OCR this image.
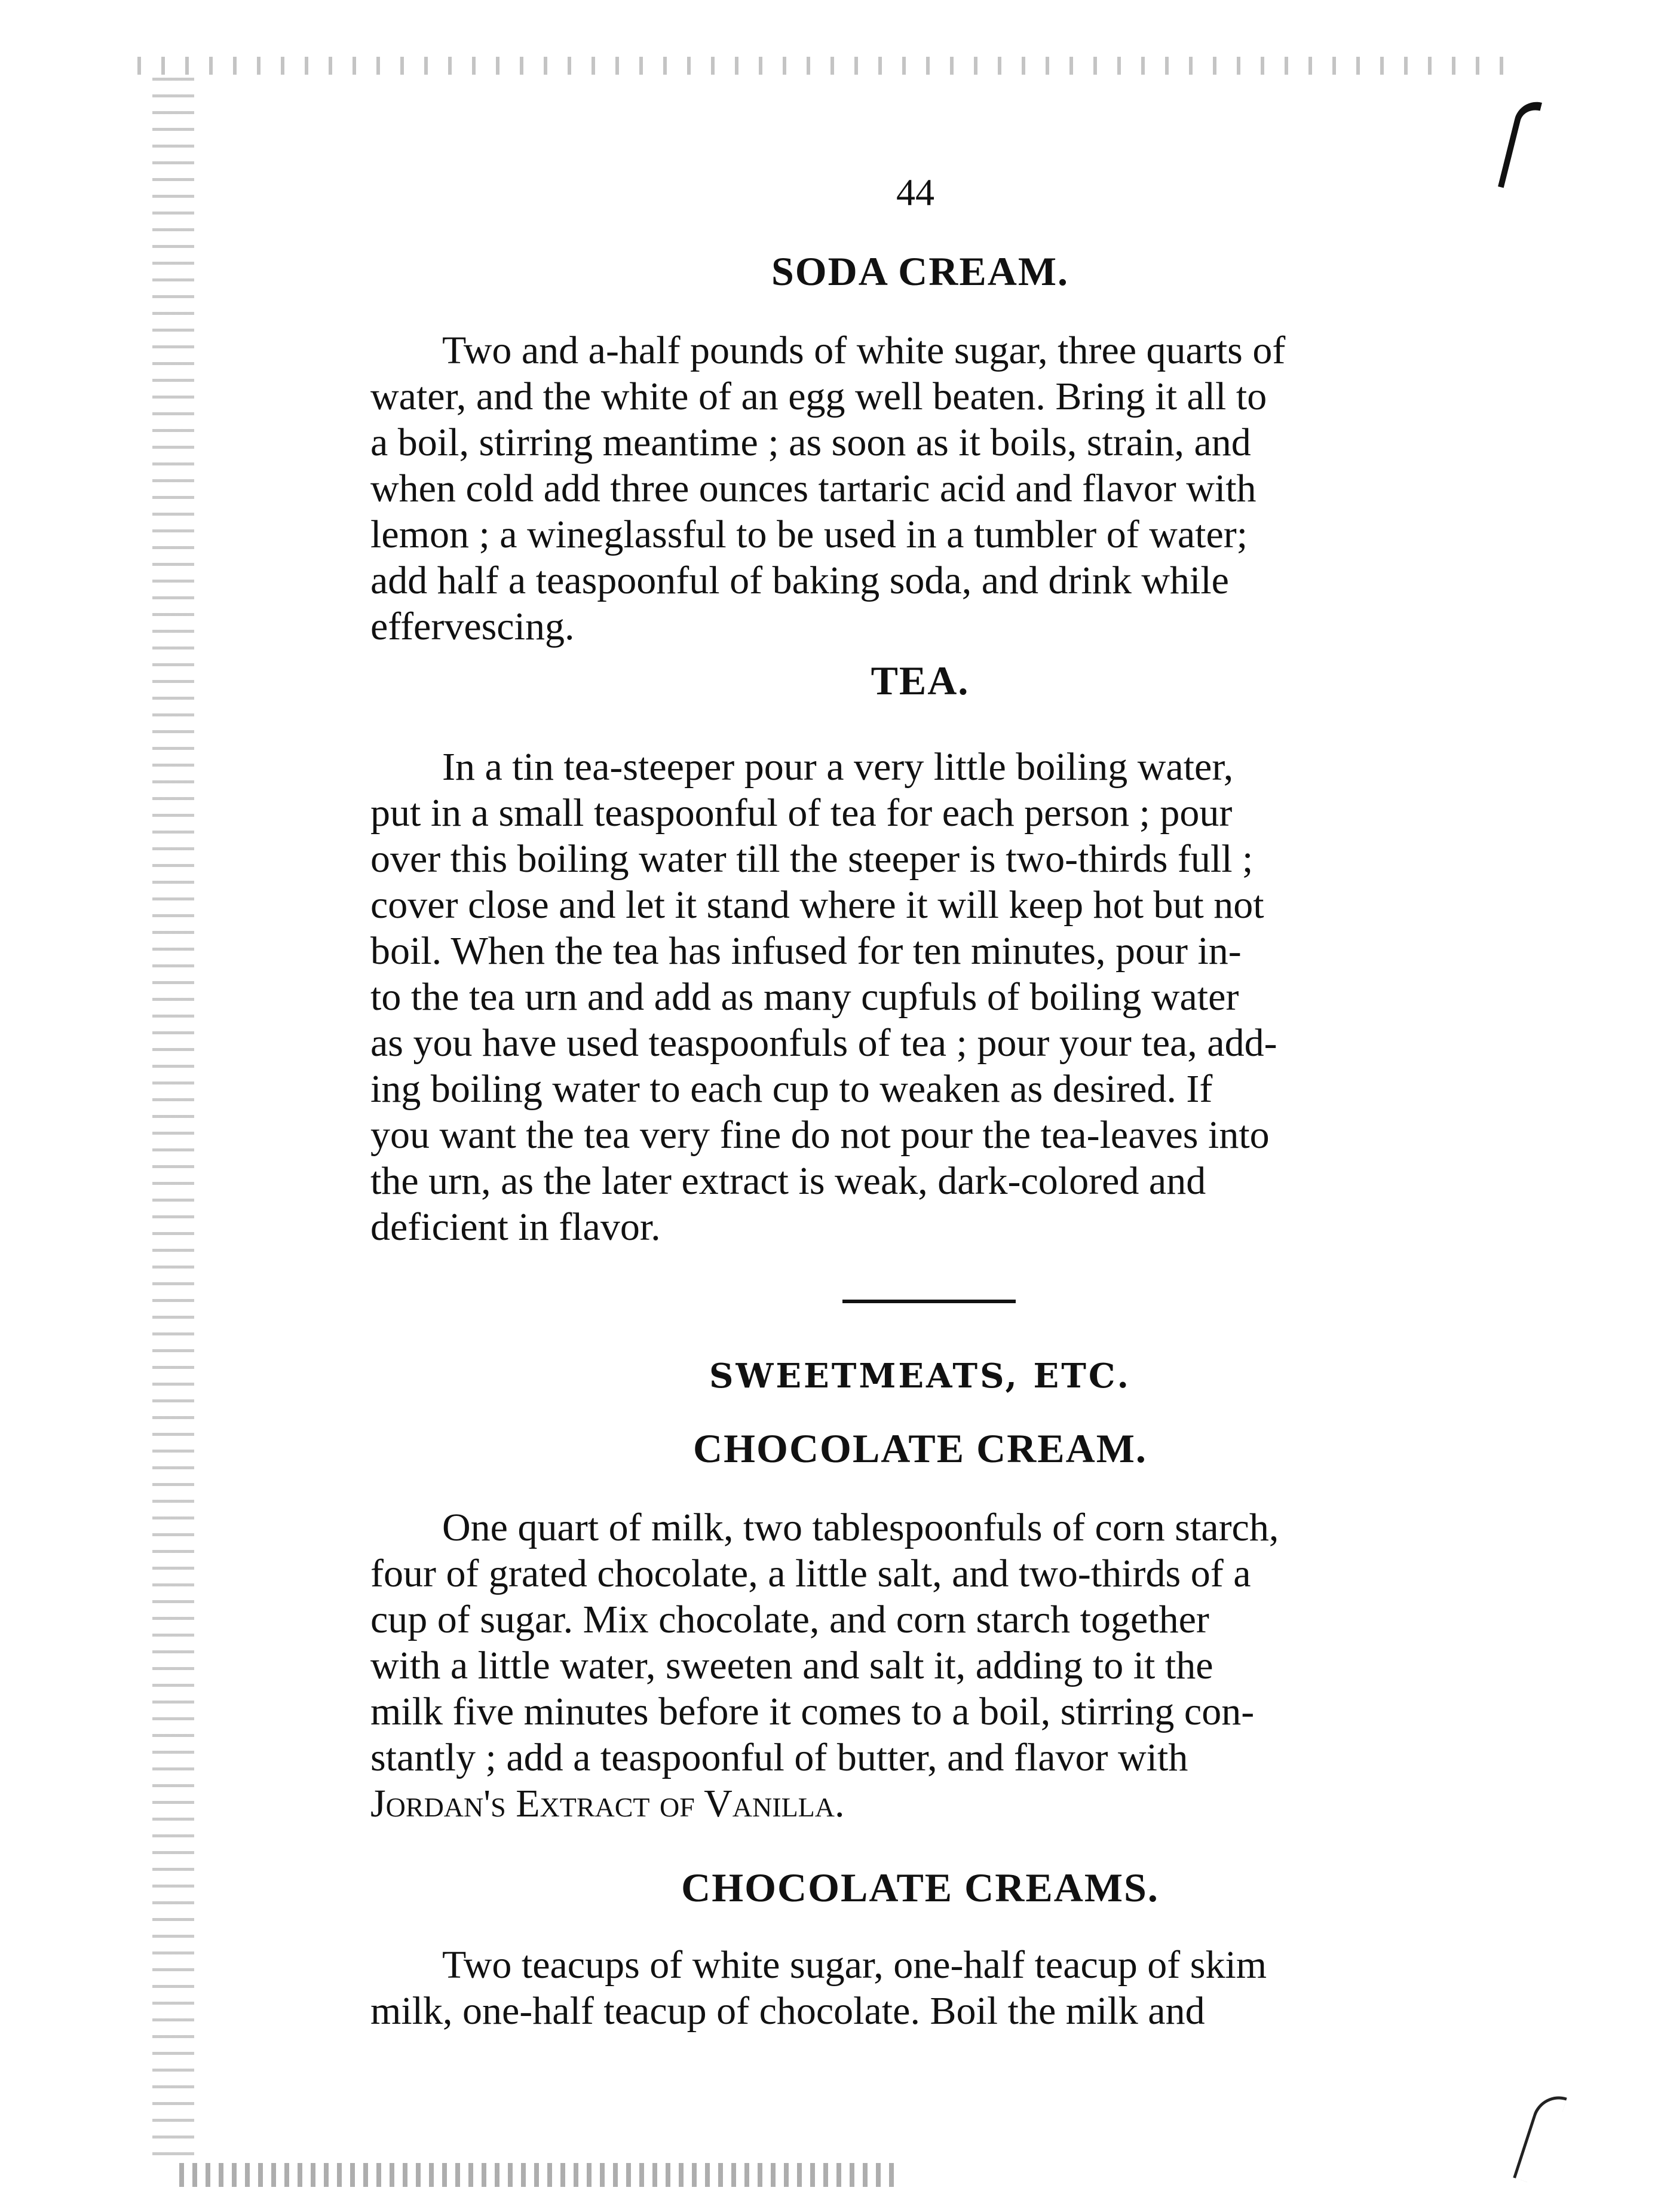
44
SODA CREAM.
Two and a-half pounds of white sugar, three quarts of
water, and the white of an egg well beaten. Bring it all to
a boil, stirring meantime ; as soon as it boils, strain, and
when cold add three ounces tartaric acid and flavor with
lemon ; a wineglassful to be used in a tumbler of water;
add half a teaspoonful of baking soda, and drink while
effervescing.
TEA.
In a tin tea-steeper pour a very little boiling water,
put in a small teaspoonful of tea for each person ; pour
over this boiling water till the steeper is two-thirds full ;
cover close and let it stand where it will keep hot but not
boil. When the tea has infused for ten minutes, pour in-
to the tea urn and add as many cupfuls of boiling water
as you have used teaspoonfuls of tea ; pour your tea, add-
ing boiling water to each cup to weaken as desired. If
you want the tea very fine do not pour the tea-leaves into
the urn, as the later extract is weak, dark-colored and
deficient in flavor.
SWEETMEATS, ETC.
CHOCOLATE CREAM.
One quart of milk, two tablespoonfuls of corn starch,
four of grated chocolate, a little salt, and two-thirds of a
cup of sugar. Mix chocolate, and corn starch together
with a little water, sweeten and salt it, adding to it the
milk five minutes before it comes to a boil, stirring con-
stantly ; add a teaspoonful of butter, and flavor with
Jordan's Extract of Vanilla.
CHOCOLATE CREAMS.
Two teacups of white sugar, one-half teacup of skim
milk, one-half teacup of chocolate. Boil the milk and
